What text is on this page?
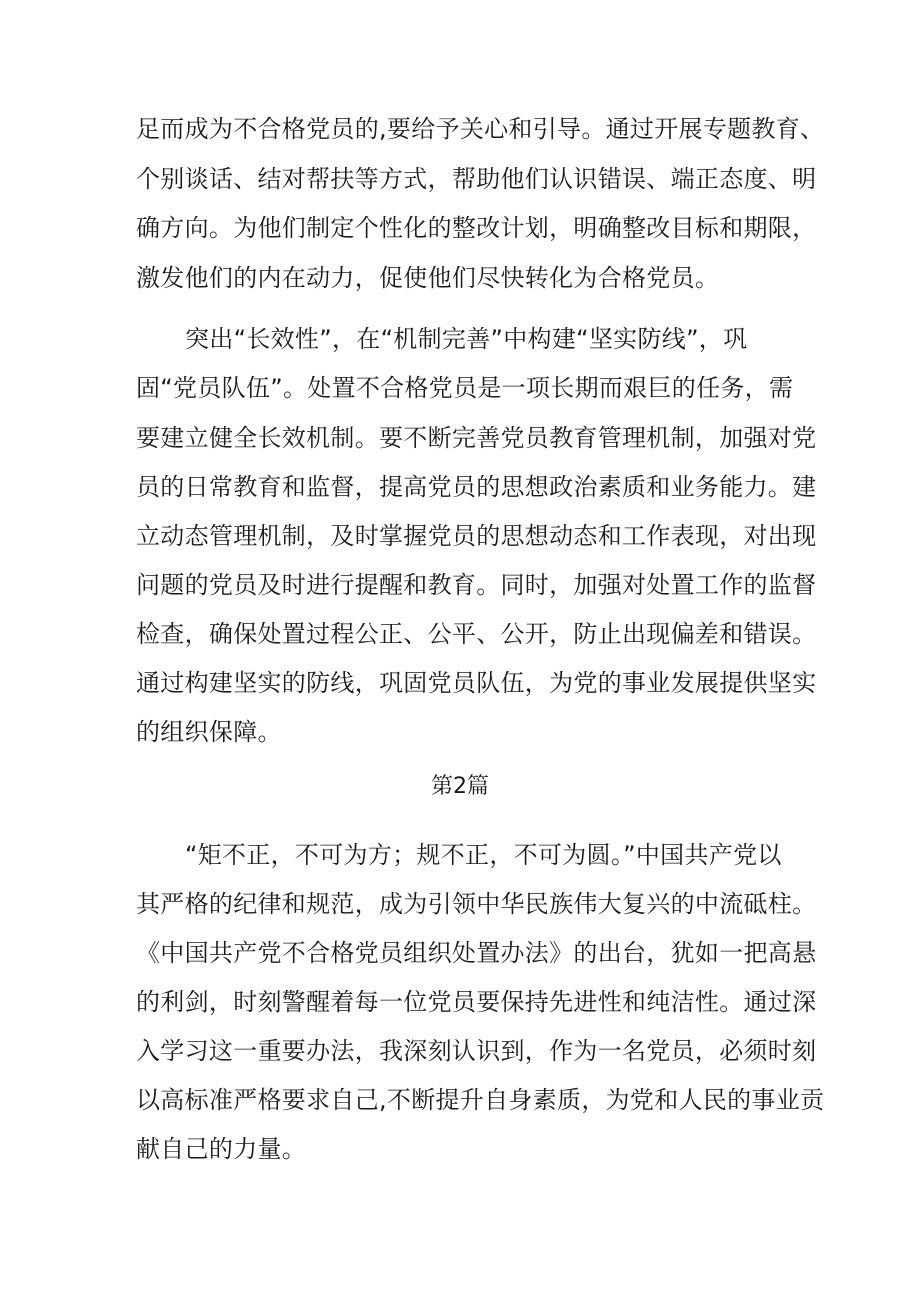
足而成为不合格党员的,要给予关心和引导。通过开展专题教育、
个别谈话、结对帮扶等方式，帮助他们认识错误、端正态度、明
确方向。为他们制定个性化的整改计划，明确整改目标和期限，
激发他们的内在动力，促使他们尽快转化为合格党员。
突出“长效性”，在“机制完善”中构建“坚实防线”，巩
固“党员队伍”。处置不合格党员是一项长期而艰巨的任务，需
要建立健全长效机制。要不断完善党员教育管理机制，加强对党
员的日常教育和监督，提高党员的思想政治素质和业务能力。建
立动态管理机制，及时掌握党员的思想动态和工作表现，对出现
问题的党员及时进行提醒和教育。同时，加强对处置工作的监督
检查，确保处置过程公正、公平、公开，防止出现偏差和错误。
通过构建坚实的防线，巩固党员队伍，为党的事业发展提供坚实
的组织保障。
第2篇
“矩不正，不可为方；规不正，不可为圆。”中国共产党以
其严格的纪律和规范，成为引领中华民族伟大复兴的中流砥柱。
《中国共产党不合格党员组织处置办法》的出台，犹如一把高悬
的利剑，时刻警醒着每一位党员要保持先进性和纯洁性。通过深
入学习这一重要办法，我深刻认识到，作为一名党员，必须时刻
以高标准严格要求自己,不断提升自身素质，为党和人民的事业贡
献自己的力量。
